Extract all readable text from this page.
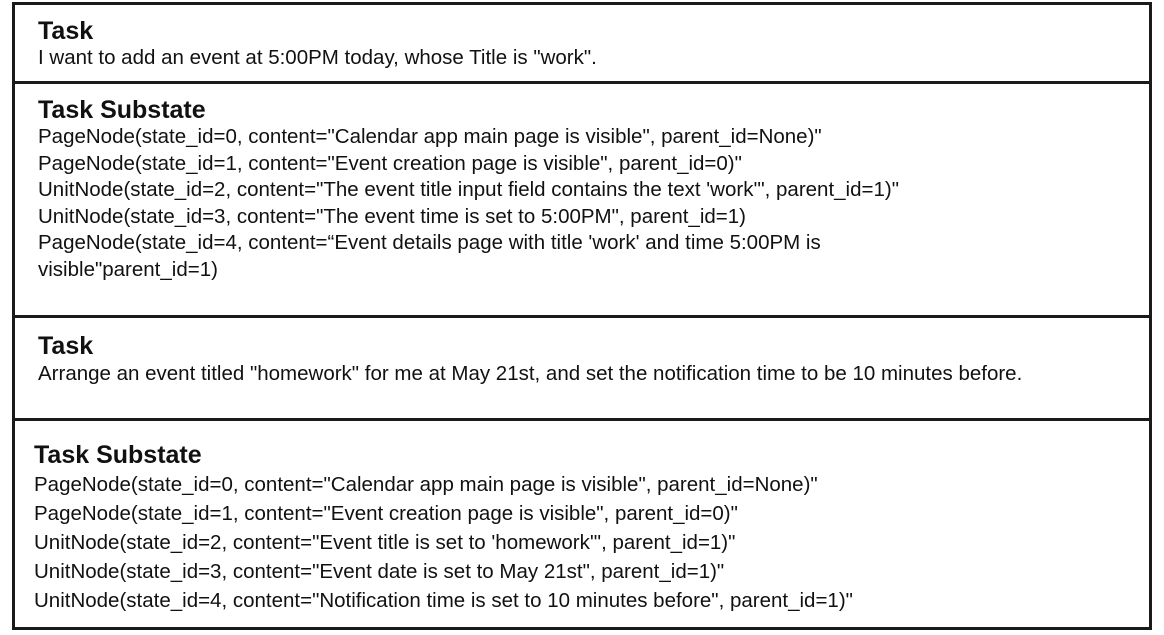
Task

I want to add an event at 5:00PM today, whose Title is "work".

Task Substate

PageNode(state_id=0, content="Calendar app main page is visible", parent_id=None)"

PageNode(state_id=1, content="Event creation page is visible", parent_id=0)"

UnitNode(state_id=2, content="The event title input field contains the text 'work'", parent_id=1)"

UnitNode(state_id=3, content="The event time is set to 5:00PM", parent_id=1)

PageNode(state_id=4, content=“Event details page with title 'work' and time 5:00PM is

visible"parent_id=1)

Task

Arrange an event titled "homework" for me at May 21st, and set the notification time to be 10 minutes before.

Task Substate

PageNode(state_id=0, content="Calendar app main page is visible", parent_id=None)"

PageNode(state_id=1, content="Event creation page is visible", parent_id=0)"

UnitNode(state_id=2, content="Event title is set to 'homework'", parent_id=1)"

UnitNode(state_id=3, content="Event date is set to May 21st", parent_id=1)"

UnitNode(state_id=4, content="Notification time is set to 10 minutes before", parent_id=1)"
